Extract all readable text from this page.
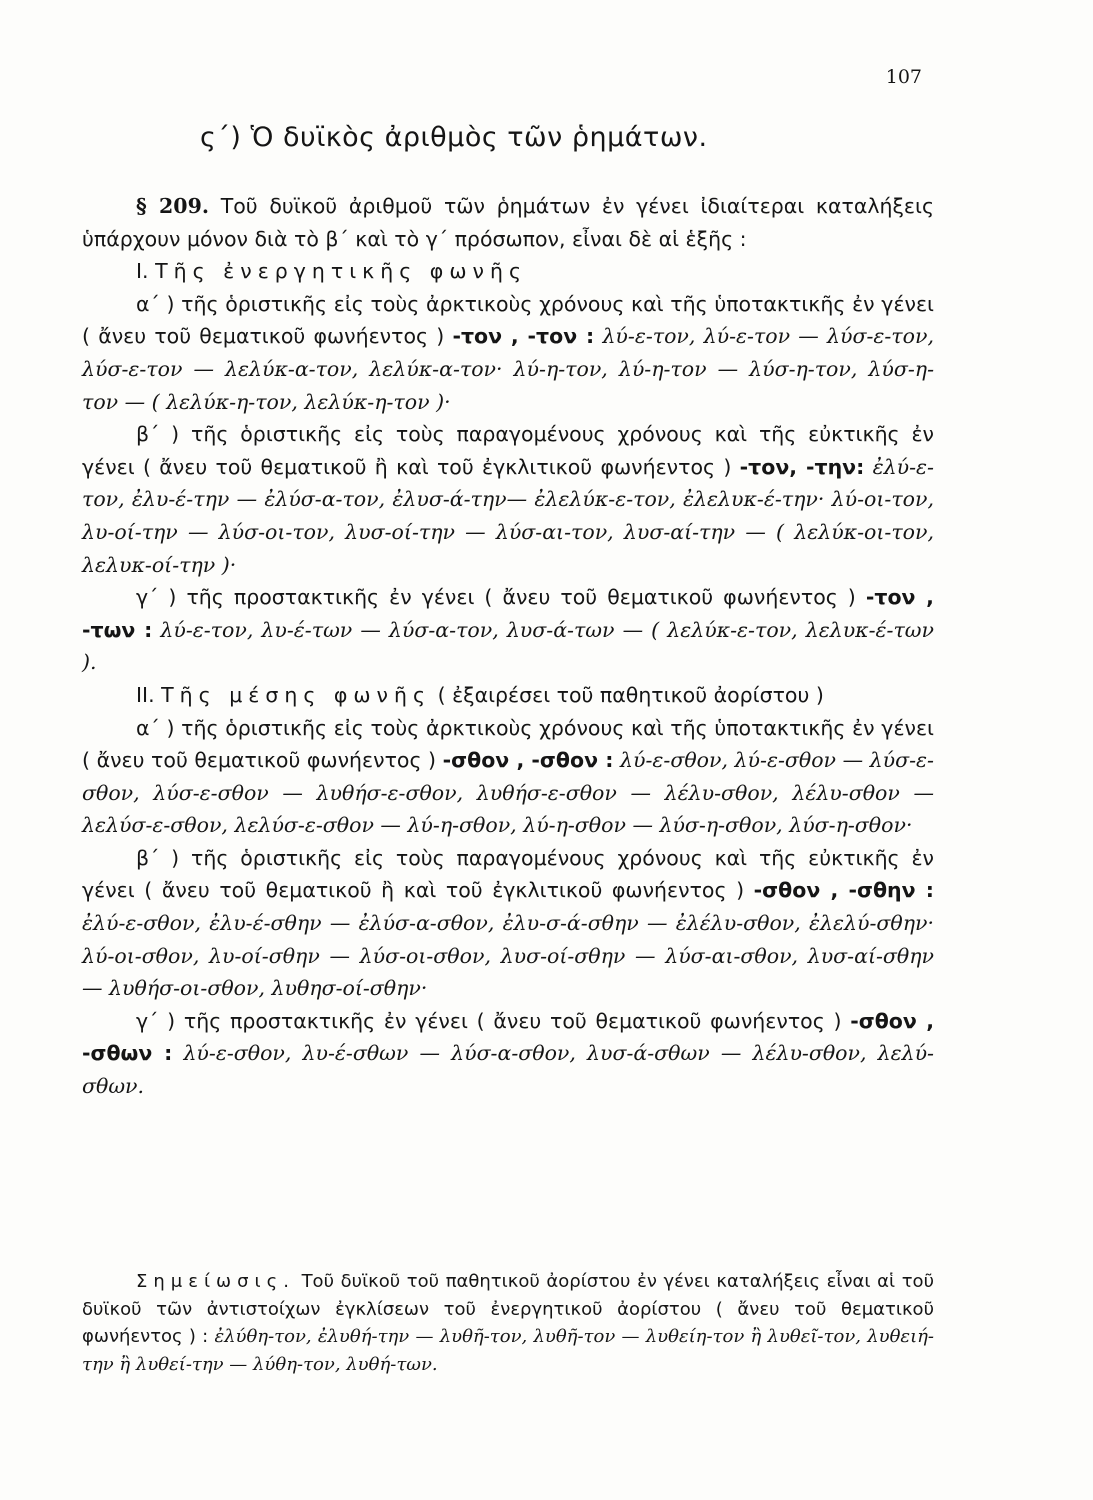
107
ς΄) Ὁ δυϊκὸς ἀριθμὸς τῶν ῥημάτων.

§ 209. Τοῦ δυϊκοῦ ἀριθμοῦ τῶν ῥημάτων ἐν γένει ἰδιαίτεραι καταλήξεις ὑπάρχουν μόνον διὰ τὸ β΄ καὶ τὸ γ΄ πρόσωπον, εἶναι δὲ αἱ ἑξῆς :

I. Τῆς ἐνεργητικῆς φωνῆς

α΄ ) τῆς ὁριστικῆς εἰς τοὺς ἀρκτικοὺς χρόνους καὶ τῆς ὑποτακτικῆς ἐν γένει ( ἄνευ τοῦ θεματικοῦ φωνήεντος ) -τον , -τον : λύ-ε-τον, λύ-ε-τον — λύσ-ε-τον, λύσ-ε-τον — λελύκ-α-τον, λελύκ-α-τον· λύ-η-τον, λύ-η-τον — λύσ-η-τον, λύσ-η-τον — ( λελύκ-η-τον, λελύκ-η-τον )·

β΄ ) τῆς ὁριστικῆς εἰς τοὺς παραγομένους χρόνους καὶ τῆς εὐκτικῆς ἐν γένει ( ἄνευ τοῦ θεματικοῦ ἢ καὶ τοῦ ἐγκλιτικοῦ φωνήεντος ) -τον, -την: ἐλύ-ε-τον, ἐλυ-έ-την — ἐλύσ-α-τον, ἐλυσ-ά-την— ἐλελύκ-ε-τον, ἐλελυκ-έ-την· λύ-οι-τον, λυ-οί-την — λύσ-οι-τον, λυσ-οί-την — λύσ-αι-τον, λυσ-αί-την — ( λελύκ-οι-τον, λελυκ-οί-την )·

γ΄ ) τῆς προστακτικῆς ἐν γένει ( ἄνευ τοῦ θεματικοῦ φωνήεντος ) -τον , -των : λύ-ε-τον, λυ-έ-των — λύσ-α-τον, λυσ-ά-των — ( λελύκ-ε-τον, λελυκ-έ-των ).

II. Τῆς μέσης φωνῆς ( ἐξαιρέσει τοῦ παθητικοῦ ἀορίστου )

α΄ ) τῆς ὁριστικῆς εἰς τοὺς ἀρκτικοὺς χρόνους καὶ τῆς ὑποτακτικῆς ἐν γένει ( ἄνευ τοῦ θεματικοῦ φωνήεντος ) -σθον , -σθον : λύ-ε-σθον, λύ-ε-σθον — λύσ-ε-σθον, λύσ-ε-σθον — λυθήσ-ε-σθον, λυθήσ-ε-σθον — λέλυ-σθον, λέλυ-σθον — λελύσ-ε-σθον, λελύσ-ε-σθον — λύ-η-σθον, λύ-η-σθον — λύσ-η-σθον, λύσ-η-σθον·

β΄ ) τῆς ὁριστικῆς εἰς τοὺς παραγομένους χρόνους καὶ τῆς εὐκτικῆς ἐν γένει ( ἄνευ τοῦ θεματικοῦ ἢ καὶ τοῦ ἐγκλιτικοῦ φωνήεντος ) -σθον , -σθην : ἐλύ-ε-σθον, ἐλυ-έ-σθην — ἐλύσ-α-σθον, ἐλυ-σ-ά-σθην — ἐλέλυ-σθον, ἐλελύ-σθην· λύ-οι-σθον, λυ-οί-σθην — λύσ-οι-σθον, λυσ-οί-σθην — λύσ-αι-σθον, λυσ-αί-σθην — λυθήσ-οι-σθον, λυθησ-οί-σθην·

γ΄ ) τῆς προστακτικῆς ἐν γένει ( ἄνευ τοῦ θεματικοῦ φωνήεντος ) -σθον , -σθων : λύ-ε-σθον, λυ-έ-σθων — λύσ-α-σθον, λυσ-ά-σθων — λέλυ-σθον, λελύ-σθων.

Σημείωσις. Τοῦ δυϊκοῦ τοῦ παθητικοῦ ἀορίστου ἐν γένει καταλήξεις εἶναι αἱ τοῦ δυϊκοῦ τῶν ἀντιστοίχων ἐγκλίσεων τοῦ ἐνεργητικοῦ ἀορίστου ( ἄνευ τοῦ θεματικοῦ φωνήεντος ) : ἐλύθη-τον, ἐλυθή-την — λυθῆ-τον, λυθῆ-τον — λυθείη-τον ἢ λυθεῖ-τον, λυθειή-την ἢ λυθεί-την — λύθη-τον, λυθή-των.
